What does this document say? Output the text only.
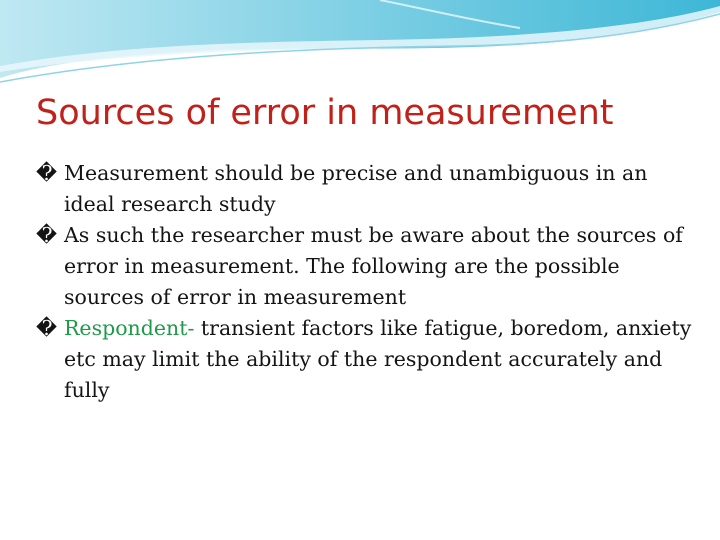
Sources of error in measurement
�
Measurement should be precise and unambiguous in an ideal research study
�
As such the researcher must be aware about the sources of error in measurement. The following are the possible sources of error in measurement
�
Respondent- transient factors like fatigue, boredom, anxiety etc may limit the ability of the respondent accurately and fully
